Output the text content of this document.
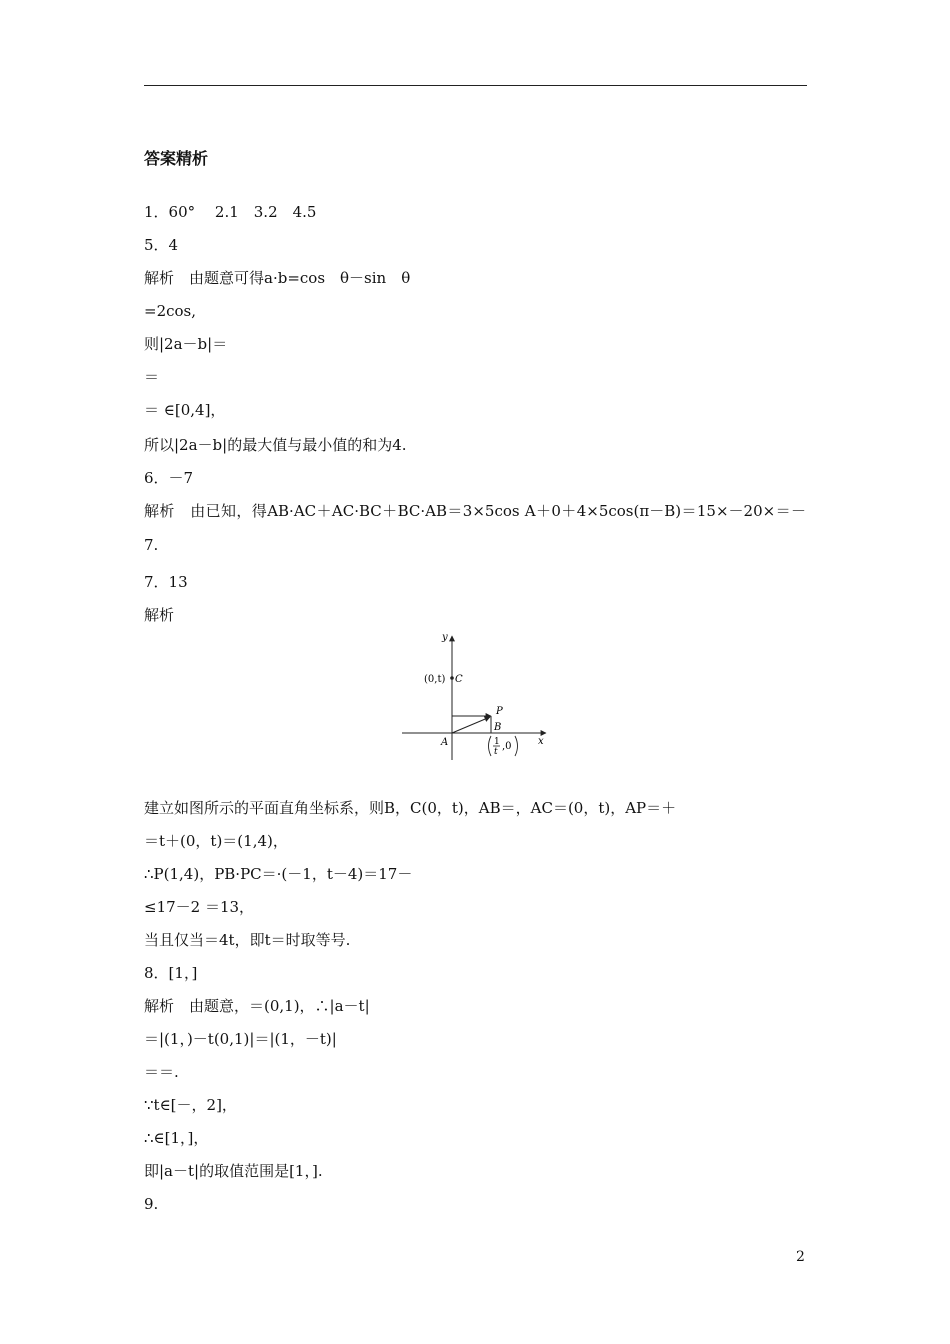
答案精析
1．60°　 2.1　3.2　4.5
5．4
解析　由题意可得a·b=cos　θ－sin　θ
=2cos,
则|2a－b|＝
＝
＝ ∈[0,4]，
所以|2a－b|的最大值与最小值的和为4.
6．－7
解析　由已知，得AB·AC＋AC·BC＋BC·AB＝3×5cos A＋0＋4×5cos(π－B)＝15×－20×＝－7.
7．13
解析
y
x
(0,t) C
P
B
A	1
t ,0
建立如图所示的平面直角坐标系，则B，C(0，t)，AB＝，AC＝(0，t)，AP＝＋
＝t＋(0，t)＝(1,4)，
∴P(1,4)，PB·PC＝·(－1，t－4)＝17－
≤17－2 ＝13，
当且仅当＝4t，即t＝时取等号.
8．[1，]
解析　由题意，＝(0,1)，∴|a－t|
＝|(1，)－t(0,1)|＝|(1，－t)|
＝＝.
∵t∈[－，2]，
∴∈[1，]，
即|a－t|的取值范围是[1，].
9.
2
